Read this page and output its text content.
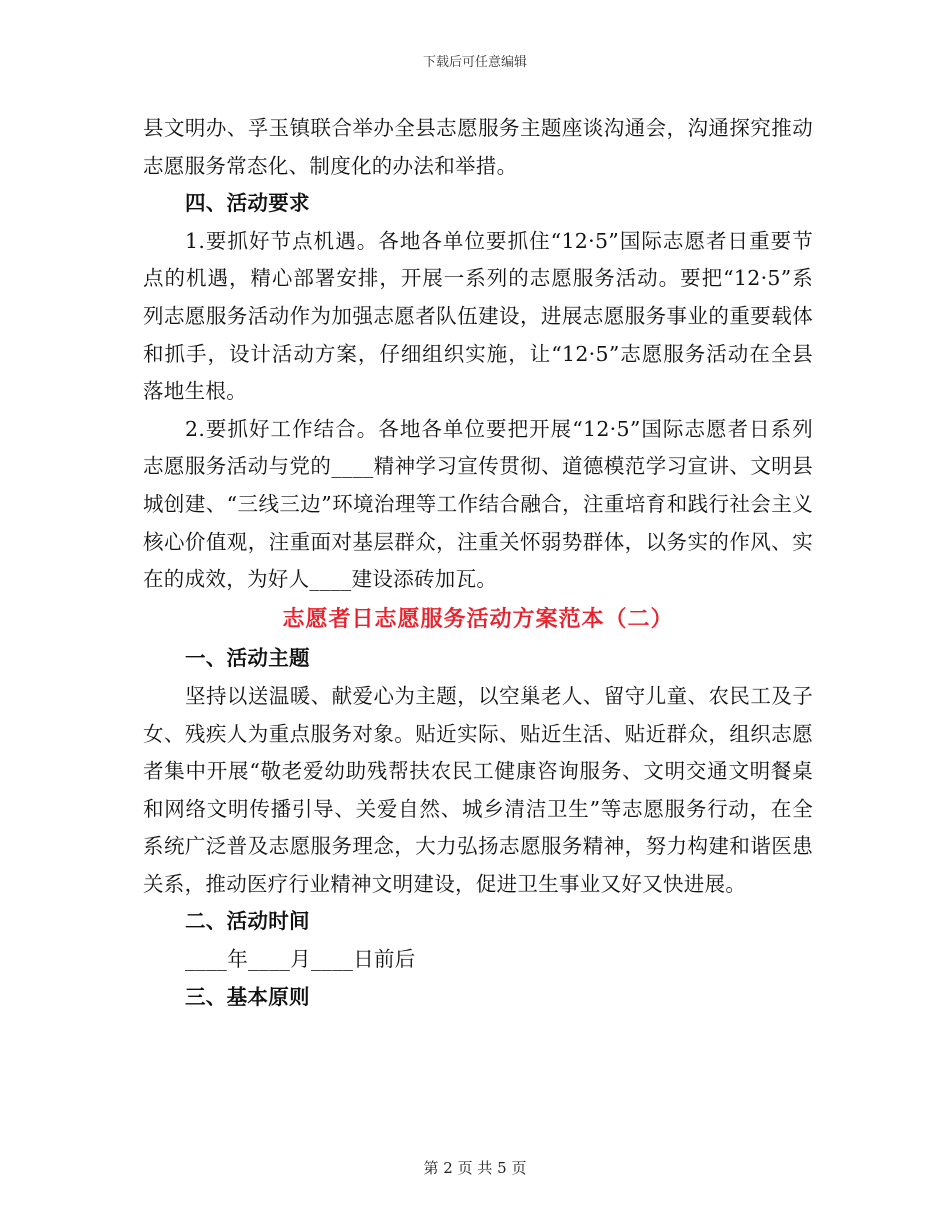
下载后可任意编辑

县文明办、孚玉镇联合举办全县志愿服务主题座谈沟通会，沟通探究推动志愿服务常态化、制度化的办法和举措。

四、活动要求

1.要抓好节点机遇。各地各单位要抓住“12·5”国际志愿者日重要节点的机遇，精心部署安排，开展一系列的志愿服务活动。要把“12·5”系列志愿服务活动作为加强志愿者队伍建设，进展志愿服务事业的重要载体和抓手，设计活动方案，仔细组织实施，让“12·5”志愿服务活动在全县落地生根。

2.要抓好工作结合。各地各单位要把开展“12·5”国际志愿者日系列志愿服务活动与党的____精神学习宣传贯彻、道德模范学习宣讲、文明县城创建、“三线三边”环境治理等工作结合融合，注重培育和践行社会主义核心价值观，注重面对基层群众，注重关怀弱势群体，以务实的作风、实在的成效，为好人____建设添砖加瓦。

志愿者日志愿服务活动方案范本（二）

一、活动主题

坚持以送温暖、献爱心为主题，以空巢老人、留守儿童、农民工及子女、残疾人为重点服务对象。贴近实际、贴近生活、贴近群众，组织志愿者集中开展“敬老爱幼助残帮扶农民工健康咨询服务、文明交通文明餐桌和网络文明传播引导、关爱自然、城乡清洁卫生”等志愿服务行动，在全系统广泛普及志愿服务理念，大力弘扬志愿服务精神，努力构建和谐医患关系，推动医疗行业精神文明建设，促进卫生事业又好又快进展。

二、活动时间

____年____月____日前后

三、基本原则

第 2 页 共 5 页
